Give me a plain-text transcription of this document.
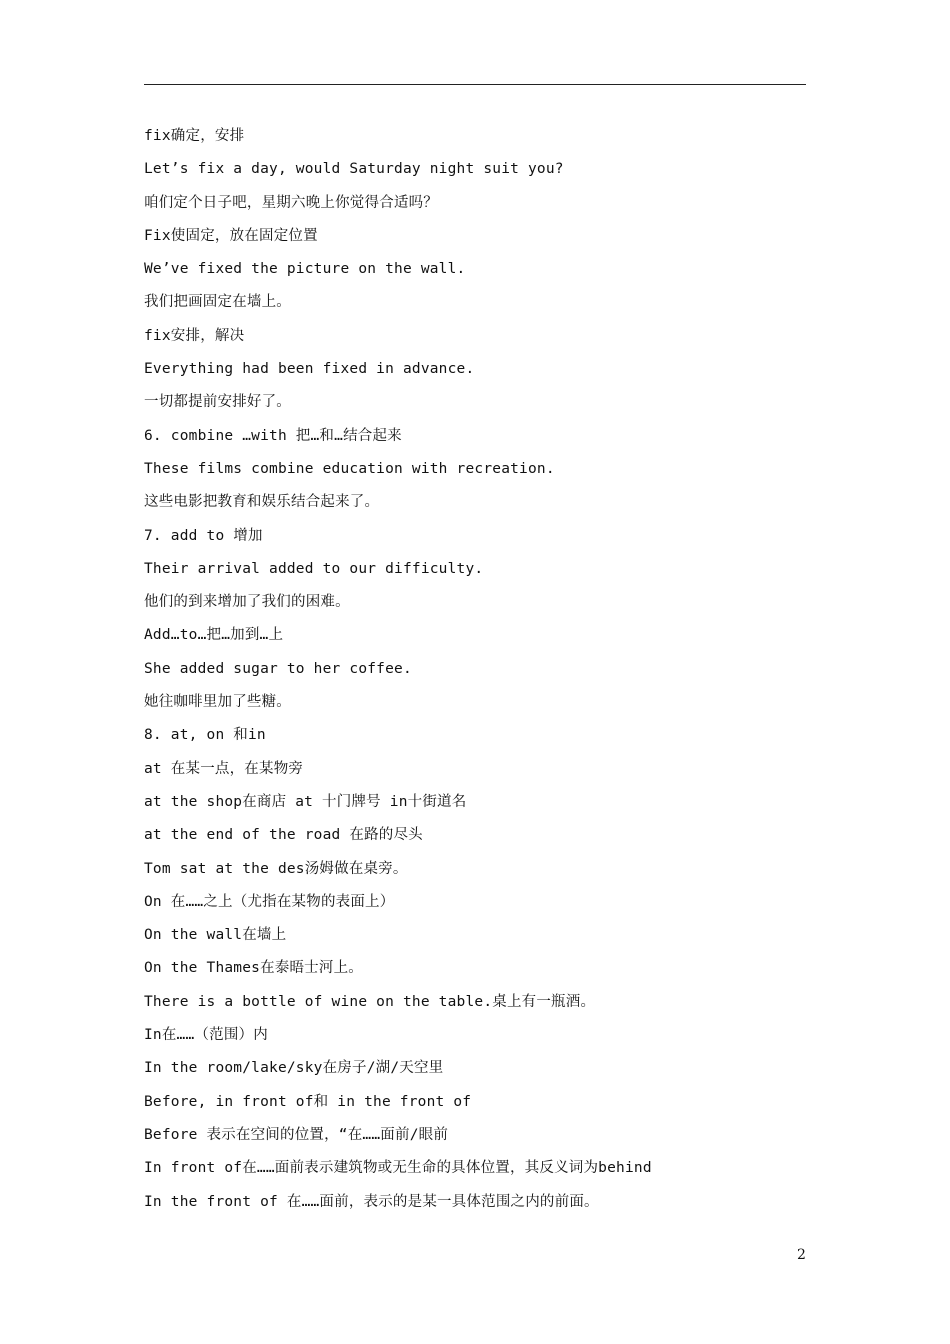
fix确定，安排
Let’s fix a day, would Saturday night suit you?
咱们定个日子吧，星期六晚上你觉得合适吗？
Fix使固定，放在固定位置
We’ve fixed the picture on the wall.
我们把画固定在墙上。
fix安排，解决
Everything had been fixed in advance.
一切都提前安排好了。
6. combine …with 把…和…结合起来
These films combine education with recreation.
这些电影把教育和娱乐结合起来了。
7. add to 增加
Their arrival added to our difficulty.
他们的到来增加了我们的困难。
Add…to…把…加到…上
She added sugar to her coffee.
她往咖啡里加了些糖。
8. at, on 和in
at 在某一点，在某物旁
at the shop在商店 at 十门牌号 in十街道名
at the end of the road 在路的尽头
Tom sat at the des汤姆做在桌旁。
On 在……之上（尤指在某物的表面上）
On the wall在墙上
On the Thames在泰晤士河上。
There is a bottle of wine on the table.桌上有一瓶酒。
In在……（范围）内
In the room/lake/sky在房子/湖/天空里
Before, in front of和 in the front of
Before 表示在空间的位置，“在……面前/眼前
In front of在……面前表示建筑物或无生命的具体位置，其反义词为behind
In the front of 在……面前，表示的是某一具体范围之内的前面。
2
